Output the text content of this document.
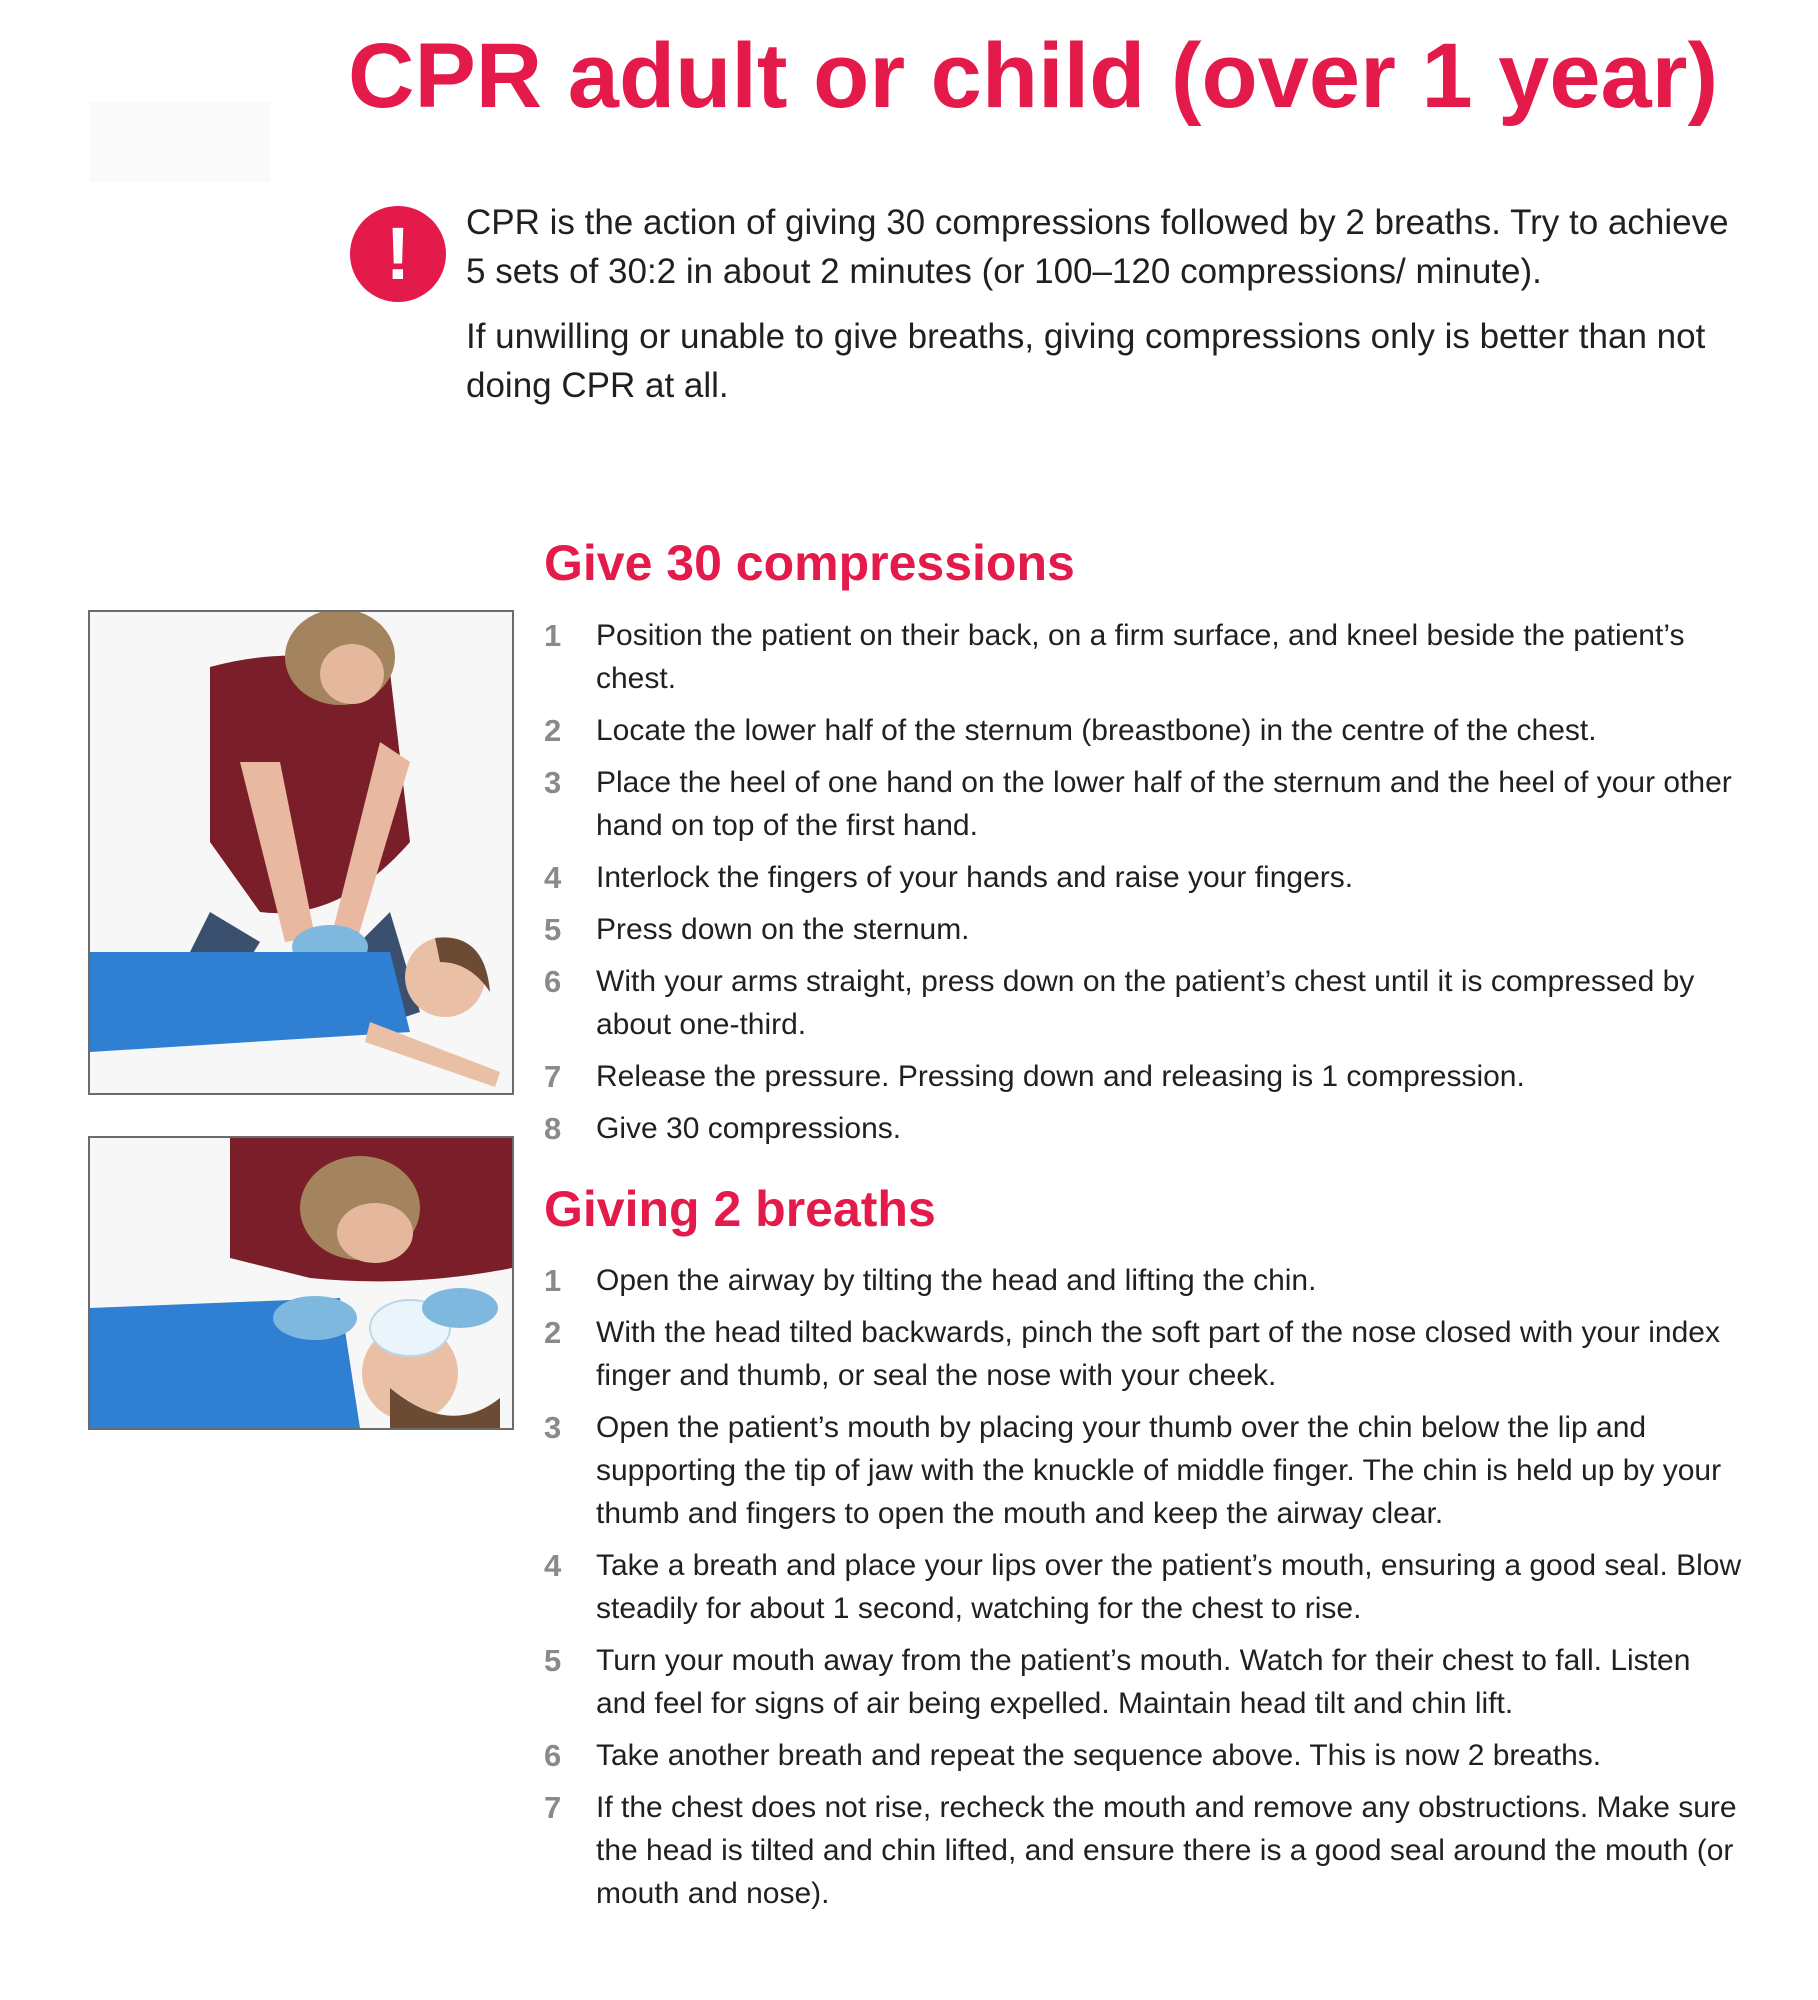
CPR adult or child (over 1 year)
!	CPR is the action of giving 30 compressions followed by 2 breaths. Try to achieve 5 sets of 30:2 in about 2 minutes (or 100–120 compressions/ minute).

If unwilling or unable to give breaths, giving compressions only is better than not doing CPR at all.

Give 30 compressions
1	Position the patient on their back, on a firm surface, and kneel beside the patient’s chest.
2	Locate the lower half of the sternum (breastbone) in the centre of the chest.
3	Place the heel of one hand on the lower half of the sternum and the heel of your other hand on top of the first hand.
4	Interlock the fingers of your hands and raise your fingers.
5	Press down on the sternum.
6	With your arms straight, press down on the patient’s chest until it is compressed by about one-third.
7	Release the pressure. Pressing down and releasing is 1 compression.
8	Give 30 compressions.
Giving 2 breaths
1	Open the airway by tilting the head and lifting the chin.
2	With the head tilted backwards, pinch the soft part of the nose closed with your index finger and thumb, or seal the nose with your cheek.
3	Open the patient’s mouth by placing your thumb over the chin below the lip and supporting the tip of jaw with the knuckle of middle finger. The chin is held up by your thumb and fingers to open the mouth and keep the airway clear.
4	Take a breath and place your lips over the patient’s mouth, ensuring a good seal. Blow steadily for about 1 second, watching for the chest to rise.
5	Turn your mouth away from the patient’s mouth. Watch for their chest to fall. Listen and feel for signs of air being expelled. Maintain head tilt and chin lift.
6	Take another breath and repeat the sequence above. This is now 2 breaths.
7	If the chest does not rise, recheck the mouth and remove any obstructions. Make sure the head is tilted and chin lifted, and ensure there is a good seal around the mouth (or mouth and nose).
